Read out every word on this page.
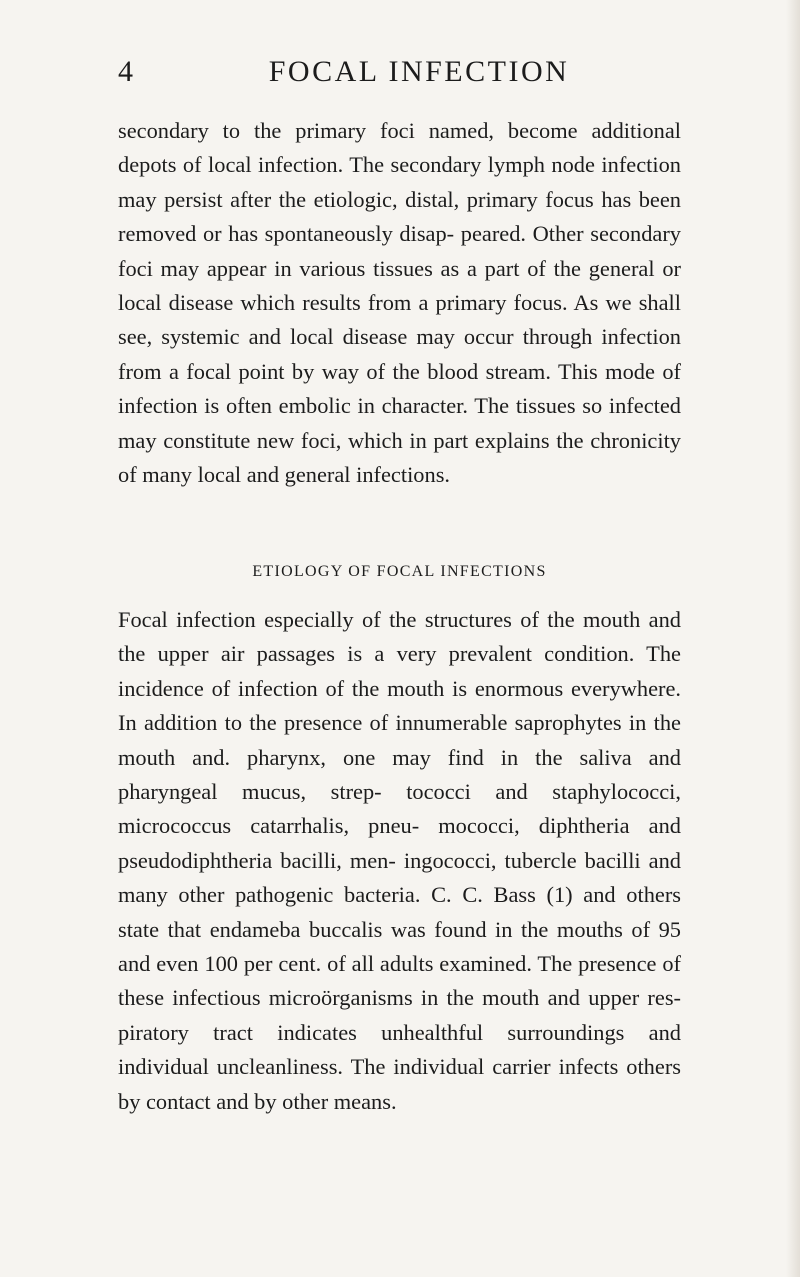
4	FOCAL INFECTION

secondary to the primary foci named, become additional depots of local infection. The secondary lymph node infection may persist after the etiologic, distal, primary focus has been removed or has spontaneously disap- peared. Other secondary foci may appear in various tissues as a part of the general or local disease which results from a primary focus. As we shall see, systemic and local disease may occur through infection from a focal point by way of the blood stream. This mode of infection is often embolic in character. The tissues so infected may constitute new foci, which in part explains the chronicity of many local and general infections.

ETIOLOGY OF FOCAL INFECTIONS

Focal infection especially of the structures of the mouth and the upper air passages is a very prevalent condition. The incidence of infection of the mouth is enormous everywhere. In addition to the presence of innumerable saprophytes in the mouth and. pharynx, one may find in the saliva and pharyngeal mucus, strep- tococci and staphylococci, micrococcus catarrhalis, pneu- mococci, diphtheria and pseudodiphtheria bacilli, men- ingococci, tubercle bacilli and many other pathogenic bacteria. C. C. Bass (1) and others state that endameba buccalis was found in the mouths of 95 and even 100 per cent. of all adults examined. The presence of these infectious microörganisms in the mouth and upper res- piratory tract indicates unhealthful surroundings and individual uncleanliness. The individual carrier infects others by contact and by other means.
